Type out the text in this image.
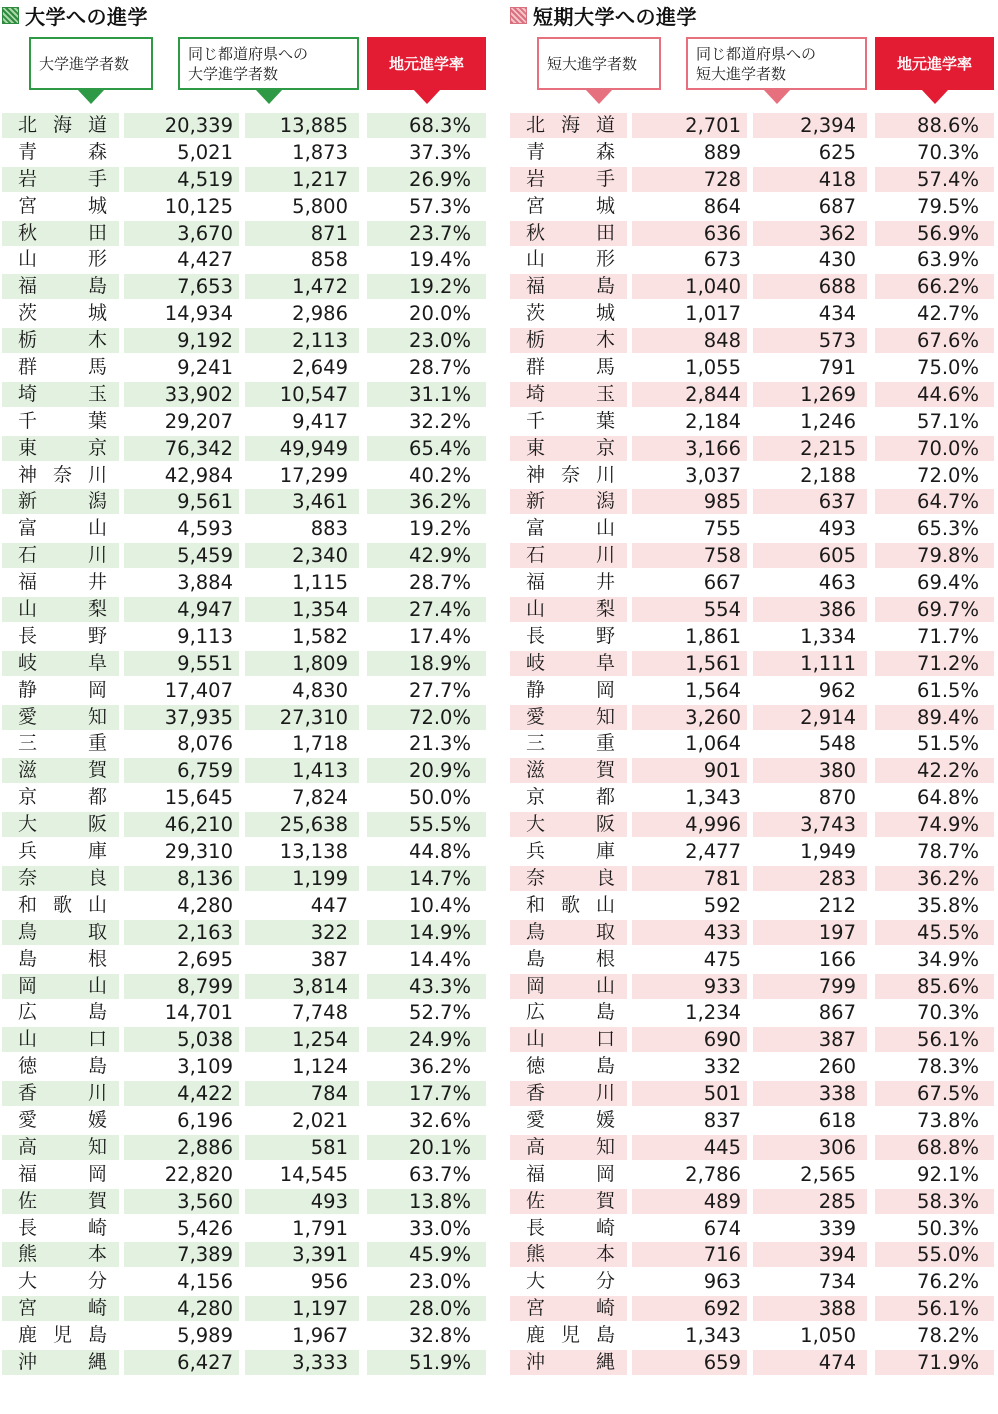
大学への進学
大学進学者数
同じ都道府県への
大学進学者数
地元進学率
北 海 道	20,339	13,885	68.3%
青	森	5,021	1,873	37.3%
岩	手	4,519	1,217	26.9%
宮	城	10,125	5,800	57.3%
秋	田	3,670	871	23.7%
山	形	4,427	858	19.4%
福	島	7,653	1,472	19.2%
茨	城	14,934	2,986	20.0%
栃	木	9,192	2,113	23.0%
群	馬	9,241	2,649	28.7%
埼	玉	33,902	10,547	31.1%
千	葉	29,207	9,417	32.2%
東	京	76,342	49,949	65.4%
神 奈 川	42,984	17,299	40.2%
新	潟	9,561	3,461	36.2%
富	山	4,593	883	19.2%
石	川	5,459	2,340	42.9%
福	井	3,884	1,115	28.7%
山	梨	4,947	1,354	27.4%
長	野	9,113	1,582	17.4%
岐	阜	9,551	1,809	18.9%
静	岡	17,407	4,830	27.7%
愛	知	37,935	27,310	72.0%
三	重	8,076	1,718	21.3%
滋	賀	6,759	1,413	20.9%
京	都	15,645	7,824	50.0%
大	阪	46,210	25,638	55.5%
兵	庫	29,310	13,138	44.8%
奈	良	8,136	1,199	14.7%
和 歌 山	4,280	447	10.4%
鳥	取	2,163	322	14.9%
島	根	2,695	387	14.4%
岡	山	8,799	3,814	43.3%
広	島	14,701	7,748	52.7%
山	口	5,038	1,254	24.9%
徳	島	3,109	1,124	36.2%
香	川	4,422	784	17.7%
愛	媛	6,196	2,021	32.6%
高	知	2,886	581	20.1%
福	岡	22,820	14,545	63.7%
佐	賀	3,560	493	13.8%
長	崎	5,426	1,791	33.0%
熊	本	7,389	3,391	45.9%
大	分	4,156	956	23.0%
宮	崎	4,280	1,197	28.0%
鹿 児 島	5,989	1,967	32.8%
沖	縄	6,427	3,333	51.9%
短期大学への進学
短大進学者数
同じ都道府県への
短大進学者数
地元進学率
北 海 道	2,701	2,394	88.6%
青	森	889	625	70.3%
岩	手	728	418	57.4%
宮	城	864	687	79.5%
秋	田	636	362	56.9%
山	形	673	430	63.9%
福	島	1,040	688	66.2%
茨	城	1,017	434	42.7%
栃	木	848	573	67.6%
群	馬	1,055	791	75.0%
埼	玉	2,844	1,269	44.6%
千	葉	2,184	1,246	57.1%
東	京	3,166	2,215	70.0%
神 奈 川	3,037	2,188	72.0%
新	潟	985	637	64.7%
富	山	755	493	65.3%
石	川	758	605	79.8%
福	井	667	463	69.4%
山	梨	554	386	69.7%
長	野	1,861	1,334	71.7%
岐	阜	1,561	1,111	71.2%
静	岡	1,564	962	61.5%
愛	知	3,260	2,914	89.4%
三	重	1,064	548	51.5%
滋	賀	901	380	42.2%
京	都	1,343	870	64.8%
大	阪	4,996	3,743	74.9%
兵	庫	2,477	1,949	78.7%
奈	良	781	283	36.2%
和 歌 山	592	212	35.8%
鳥	取	433	197	45.5%
島	根	475	166	34.9%
岡	山	933	799	85.6%
広	島	1,234	867	70.3%
山	口	690	387	56.1%
徳	島	332	260	78.3%
香	川	501	338	67.5%
愛	媛	837	618	73.8%
高	知	445	306	68.8%
福	岡	2,786	2,565	92.1%
佐	賀	489	285	58.3%
長	崎	674	339	50.3%
熊	本	716	394	55.0%
大	分	963	734	76.2%
宮	崎	692	388	56.1%
鹿 児 島	1,343	1,050	78.2%
沖	縄	659	474	71.9%
